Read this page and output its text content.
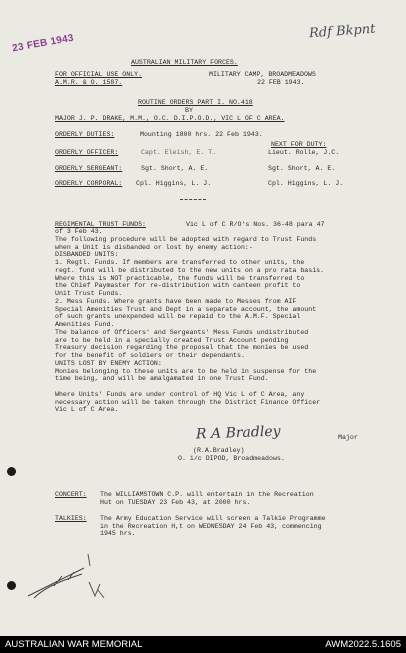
23 FEB 1943
Rdf Bkpnt
AUSTRALIAN MILITARY FORCES.
FOR OFFICIAL USE ONLY.	MILITARY CAMP, BROADMEADOWS
A.M.R. & O. 1587.	22 FEB 1943.
ROUTINE ORDERS PART I. NO.418
BY
MAJOR J. P. DRAKE, M.M., O.C. D.I.P.O.D., VIC L OF C AREA.
ORDERLY DUTIES:	Mounting 1800 hrs. 22 Feb 1943.
NEXT FOR DUTY:
ORDERLY OFFICER:	Capt. Eleish, E. T.	Lieut. Rolle, J.C.
ORDERLY SERGEANT:	Sgt. Short, A. E.	Sgt. Short, A. E.
ORDERLY CORPORAL: Cpl. Higgins, L. J.	Cpl. Higgins, L. J.
REGIMENTAL TRUST FUNDS:	Vic L of C R/O's Nos. 36-48 para 47
of 3 Feb 43.
The following procedure will be adopted with regard to Trust Funds
when a Unit is disbanded or lost by enemy action:-
DISBANDED UNITS:
1. Regtl. Funds. If members are transferred to other units, the
regt. fund will be distributed to the new units on a pro rata basis.
Where this is NOT practicable, the funds will be transferred to
the Chief Paymaster for re-distribution with canteen profit to
Unit Trust Funds.
2. Mess Funds. Where grants have been made to Messes from AIF
Special Amenities Trust and Dept in a separate account, the amount
of such grants unexpended will be repaid to the A.M.F. Special
Amenities Fund.
The balance of Officers' and Sergeants' Mess Funds undistributed
are to be held in a specially created Trust Account pending
Treasury decision regarding the proposal that the monies be used
for the benefit of soldiers or their dependants.
UNITS LOST BY ENEMY ACTION:
Monies belonging to these units are to be held in suspense for the
time being, and will be amalgamated in one Trust Fund.
Where Units' Funds are under control of HQ Vic L of C Area, any
necessary action will be taken through the District Finance Officer
Vic L of C Area.
R A Bradley	Major
(R.A.Bradley)
O. i/c DIPOD, Broadmeadows.
CONCERT: The WILLIAMSTOWN C.P. will entertain in the Recreation
Hut on TUESDAY 23 Feb 43, at 2000 hrs.
TALKIES: The Army Education Service will screen a Talkie Programme
in the Recreation H,t on WEDNESDAY 24 Feb 43, commencing
1945 hrs.
AUSTRALIAN WAR MEMORIAL	AWM2022.5.1605
